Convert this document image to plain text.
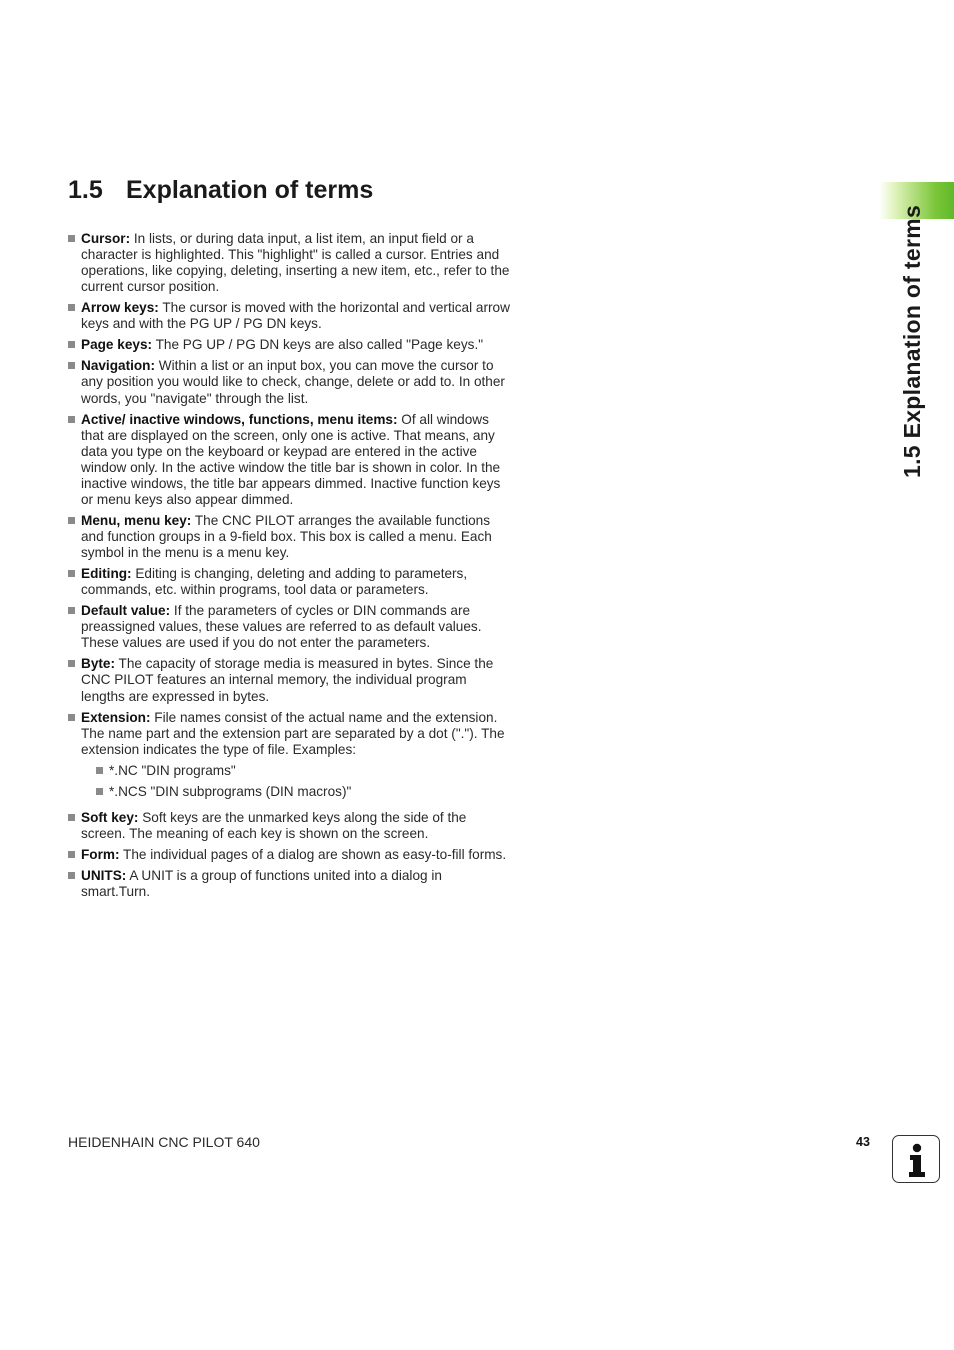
1.5 Explanation of terms
1.5 Explanation of terms
Cursor: In lists, or during data input, a list item, an input field or a character is highlighted. This "highlight" is called a cursor. Entries and operations, like copying, deleting, inserting a new item, etc., refer to the current cursor position.
Arrow keys: The cursor is moved with the horizontal and vertical arrow keys and with the PG UP / PG DN keys.
Page keys: The PG UP / PG DN keys are also called "Page keys."
Navigation: Within a list or an input box, you can move the cursor to any position you would like to check, change, delete or add to. In other words, you "navigate" through the list.
Active/ inactive windows, functions, menu items: Of all windows that are displayed on the screen, only one is active. That means, any data you type on the keyboard or keypad are entered in the active window only. In the active window the title bar is shown in color. In the inactive windows, the title bar appears dimmed. Inactive function keys or menu keys also appear dimmed.
Menu, menu key: The CNC PILOT arranges the available functions and function groups in a 9-field box. This box is called a menu. Each symbol in the menu is a menu key.
Editing: Editing is changing, deleting and adding to parameters, commands, etc. within programs, tool data or parameters.
Default value: If the parameters of cycles or DIN commands are preassigned values, these values are referred to as default values. These values are used if you do not enter the parameters.
Byte: The capacity of storage media is measured in bytes. Since the CNC PILOT features an internal memory, the individual program lengths are expressed in bytes.
Extension: File names consist of the actual name and the extension. The name part and the extension part are separated by a dot ("."). The extension indicates the type of file. Examples:
*.NC "DIN programs"
*.NCS "DIN subprograms (DIN macros)"
Soft key: Soft keys are the unmarked keys along the side of the screen. The meaning of each key is shown on the screen.
Form: The individual pages of a dialog are shown as easy-to-fill forms.
UNITS: A UNIT is a group of functions united into a dialog in smart.Turn.
HEIDENHAIN CNC PILOT 640	43
